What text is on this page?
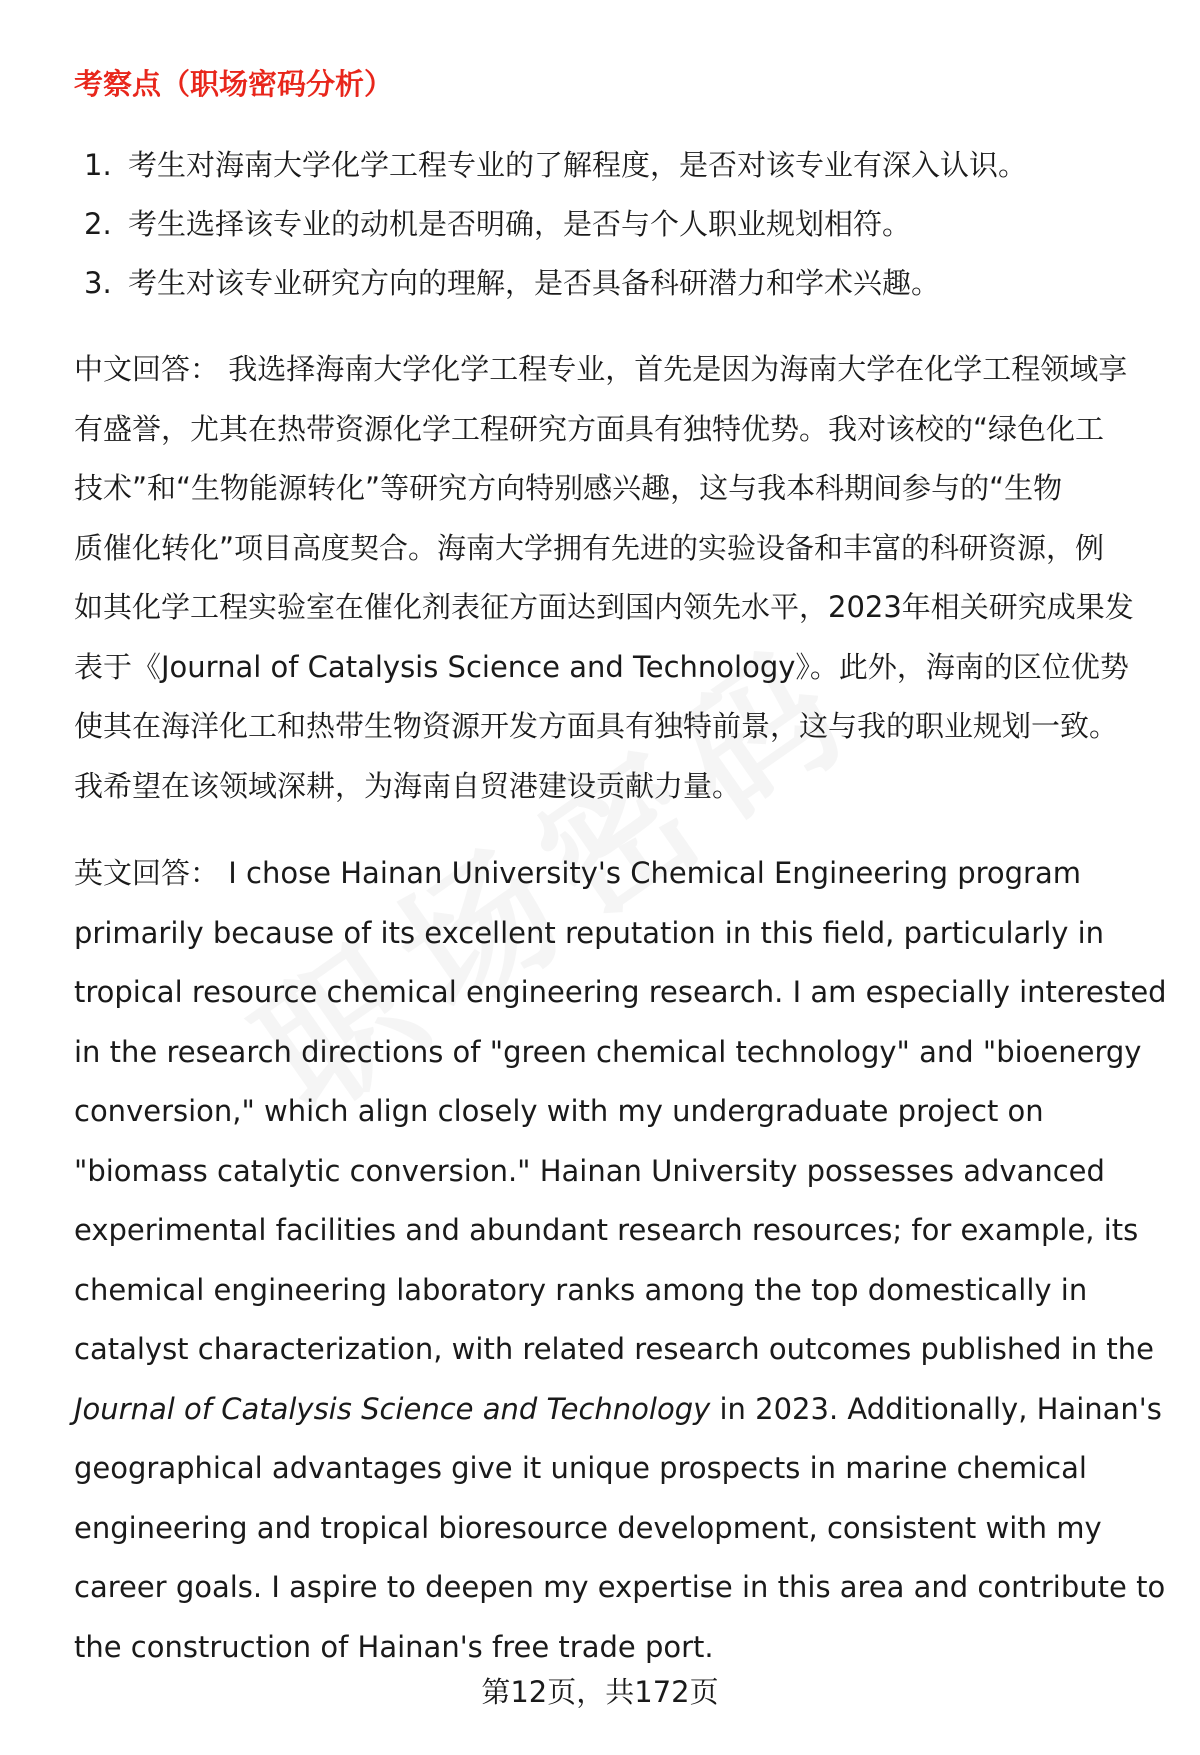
考察点（职场密码分析）
1. 考生对海南大学化学工程专业的了解程度，是否对该专业有深入认识。
2. 考生选择该专业的动机是否明确，是否与个人职业规划相符。
3. 考生对该专业研究方向的理解，是否具备科研潜力和学术兴趣。
中文回答： 我选择海南大学化学工程专业，首先是因为海南大学在化学工程领域享
有盛誉，尤其在热带资源化学工程研究方面具有独特优势。我对该校的“绿色化工
技术”和“生物能源转化”等研究方向特别感兴趣，这与我本科期间参与的“生物
质催化转化”项目高度契合。海南大学拥有先进的实验设备和丰富的科研资源，例
如其化学工程实验室在催化剂表征方面达到国内领先水平，2023年相关研究成果发
表于《Journal of Catalysis Science and Technology》。此外，海南的区位优势
使其在海洋化工和热带生物资源开发方面具有独特前景，这与我的职业规划一致。
我希望在该领域深耕，为海南自贸港建设贡献力量。
英文回答： I chose Hainan University's Chemical Engineering program
primarily because of its excellent reputation in this field, particularly in
tropical resource chemical engineering research. I am especially interested
in the research directions of "green chemical technology" and "bioenergy
conversion," which align closely with my undergraduate project on
"biomass catalytic conversion." Hainan University possesses advanced
experimental facilities and abundant research resources; for example, its
chemical engineering laboratory ranks among the top domestically in
catalyst characterization, with related research outcomes published in the
Journal of Catalysis Science and Technology in 2023. Additionally, Hainan's
geographical advantages give it unique prospects in marine chemical
engineering and tropical bioresource development, consistent with my
career goals. I aspire to deepen my expertise in this area and contribute to
the construction of Hainan's free trade port.
第12页，共172页
